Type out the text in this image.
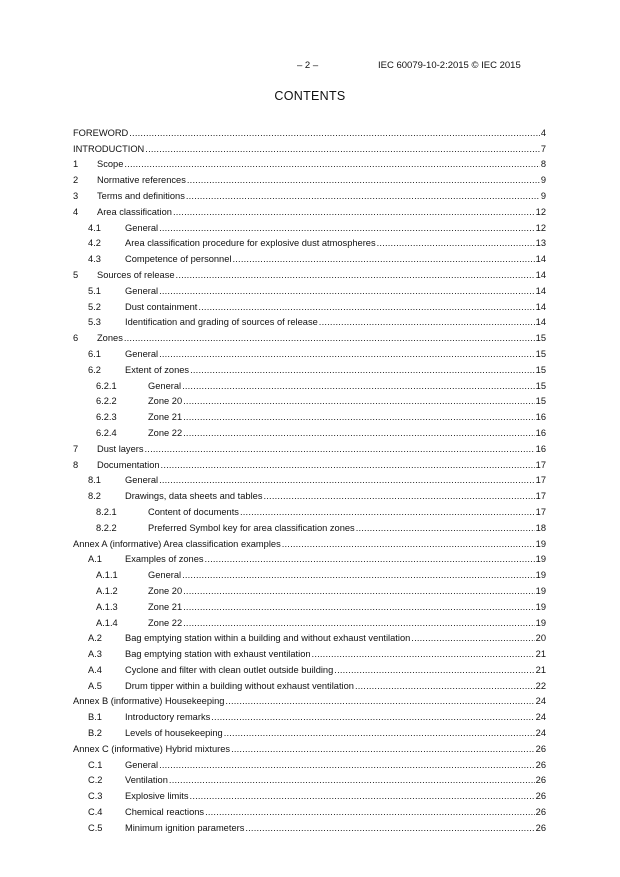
– 2 –	IEC 60079-10-2:2015 © IEC 2015
CONTENTS
FOREWORD .....	4
INTRODUCTION .....	7
1	Scope .....	8
2	Normative references .....	9
3	Terms and definitions .....	9
4	Area classification .....	12
4.1	General .....	12
4.2	Area classification procedure for explosive dust atmospheres .....	13
4.3	Competence of personnel .....	14
5	Sources of release .....	14
5.1	General .....	14
5.2	Dust containment .....	14
5.3	Identification and grading of sources of release .....	14
6	Zones .....	15
6.1	General .....	15
6.2	Extent of zones .....	15
6.2.1	General .....	15
6.2.2	Zone 20 .....	15
6.2.3	Zone 21 .....	16
6.2.4	Zone 22 .....	16
7	Dust layers .....	16
8	Documentation .....	17
8.1	General .....	17
8.2	Drawings, data sheets and tables .....	17
8.2.1	Content of documents .....	17
8.2.2	Preferred Symbol key for area classification zones .....	18
Annex A (informative) Area classification examples .....	19
A.1	Examples of zones .....	19
A.1.1	General .....	19
A.1.2	Zone 20 .....	19
A.1.3	Zone 21 .....	19
A.1.4	Zone 22 .....	19
A.2	Bag emptying station within a building and without exhaust ventilation .....	20
A.3	Bag emptying station with exhaust ventilation .....	21
A.4	Cyclone and filter with clean outlet outside building .....	21
A.5	Drum tipper within a building without exhaust ventilation .....	22
Annex B (informative) Housekeeping .....	24
B.1	Introductory remarks .....	24
B.2	Levels of housekeeping .....	24
Annex C (informative) Hybrid mixtures .....	26
C.1	General .....	26
C.2	Ventilation .....	26
C.3	Explosive limits .....	26
C.4	Chemical reactions .....	26
C.5	Minimum ignition parameters .....	26
